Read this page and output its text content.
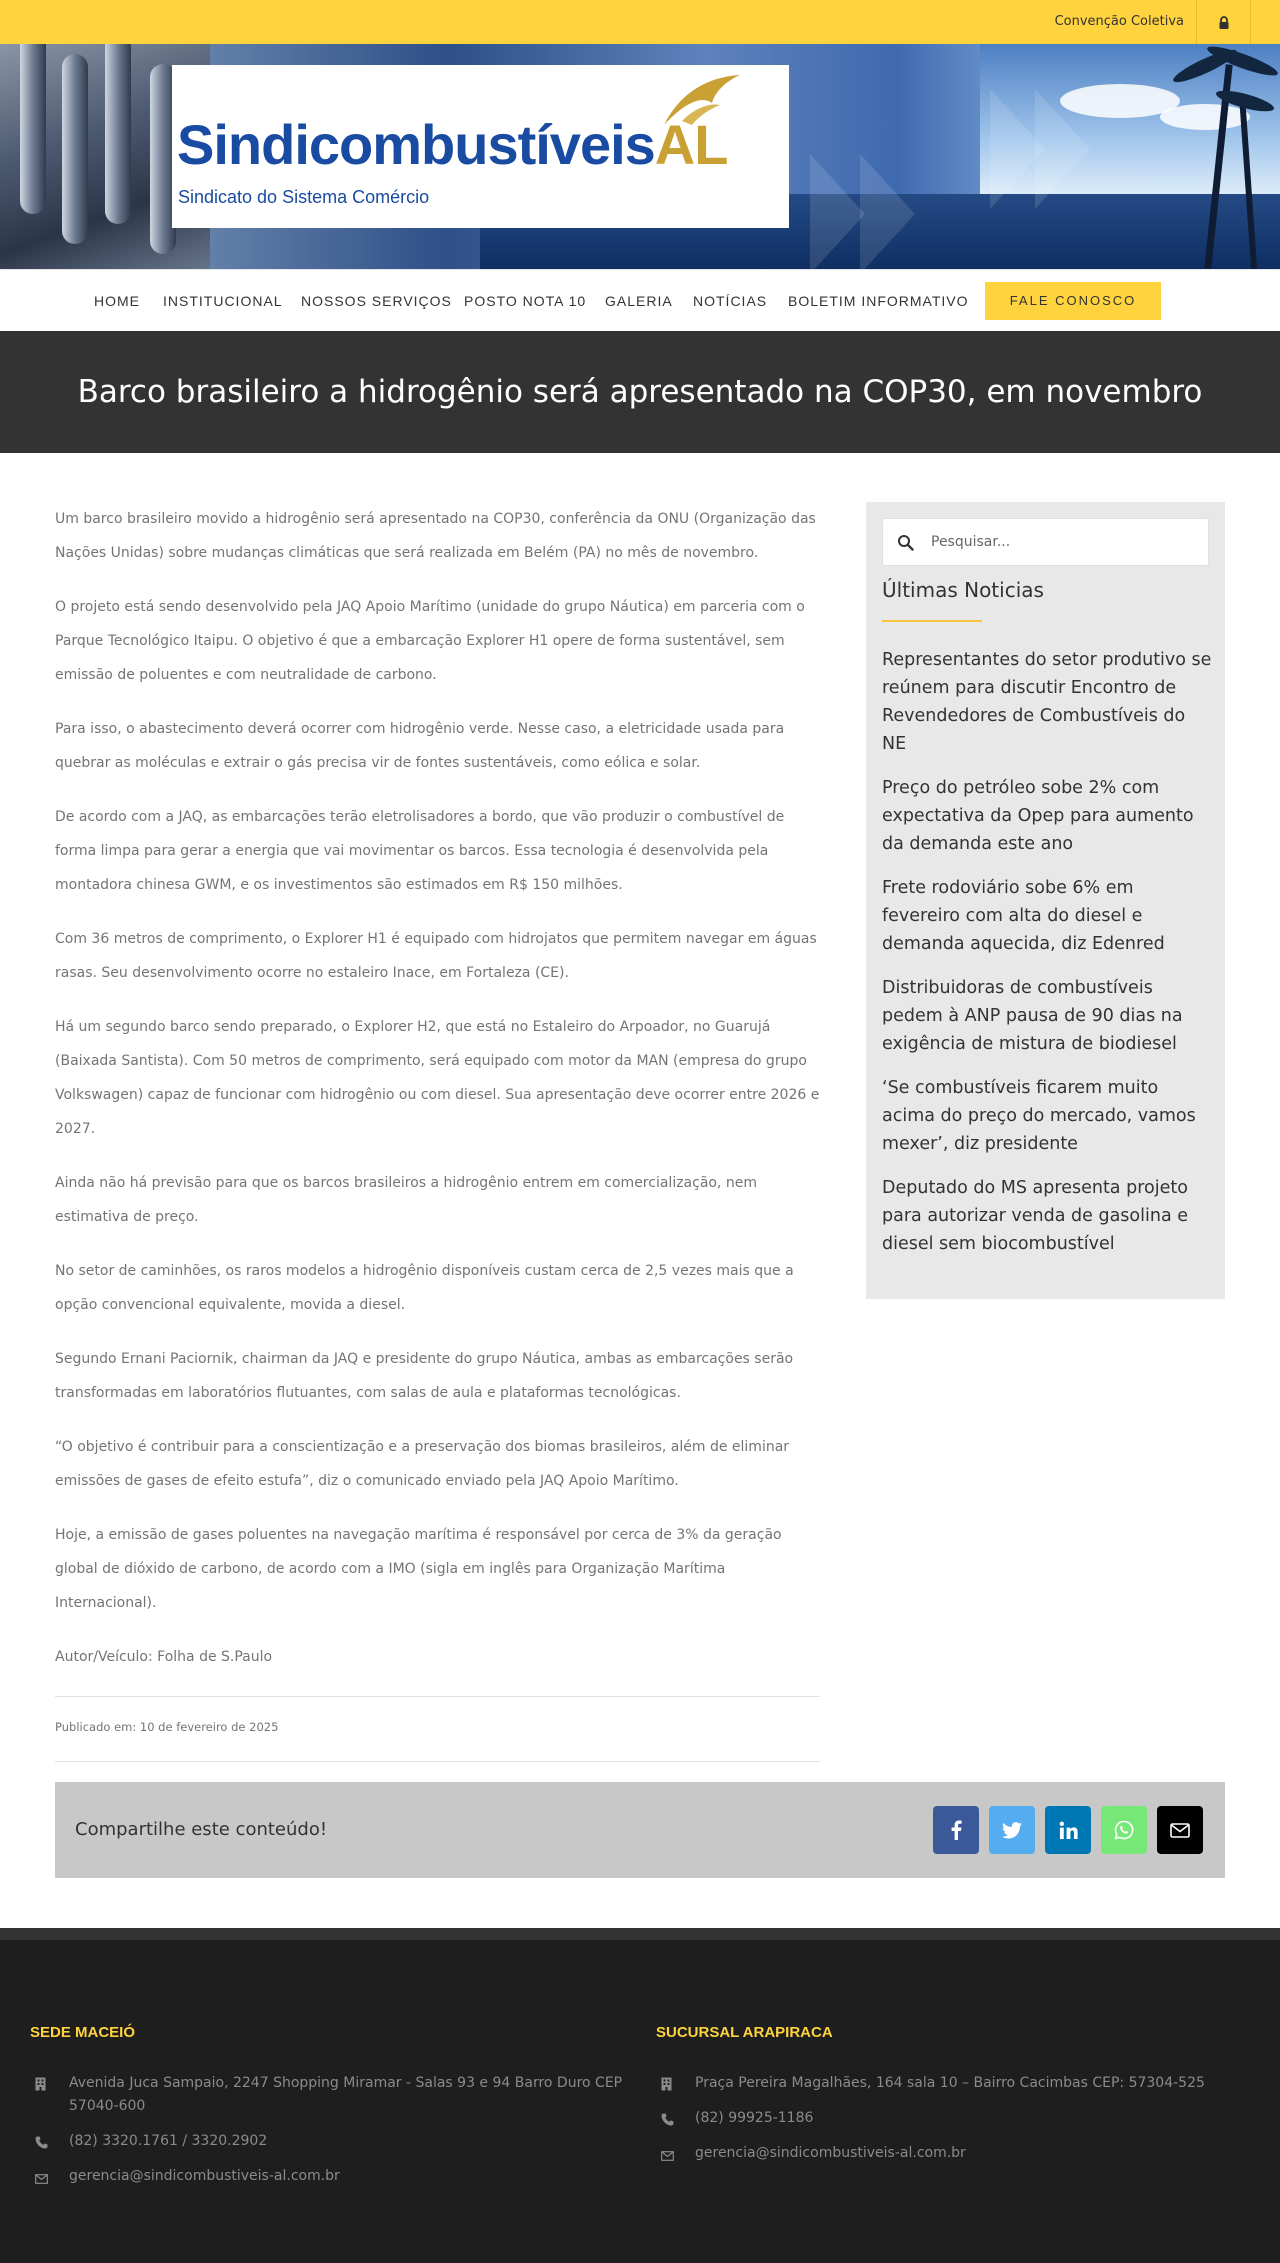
Convenção Coletiva
SindicombustíveisAL
Sindicato do Sistema Comércio
HOME INSTITUCIONAL NOSSOS SERVIÇOS POSTO NOTA 10 GALERIA NOTÍCIAS BOLETIM INFORMATIVO	FALE CONOSCO
Barco brasileiro a hidrogênio será apresentado na COP30, em novembro

Um barco brasileiro movido a hidrogênio será apresentado na COP30, conferência da ONU (Organização das Nações Unidas) sobre mudanças climáticas que será realizada em Belém (PA) no mês de novembro.

O projeto está sendo desenvolvido pela JAQ Apoio Marítimo (unidade do grupo Náutica) em parceria com o Parque Tecnológico Itaipu. O objetivo é que a embarcação Explorer H1 opere de forma sustentável, sem emissão de poluentes e com neutralidade de carbono.

Para isso, o abastecimento deverá ocorrer com hidrogênio verde. Nesse caso, a eletricidade usada para quebrar as moléculas e extrair o gás precisa vir de fontes sustentáveis, como eólica e solar.

De acordo com a JAQ, as embarcações terão eletrolisadores a bordo, que vão produzir o combustível de forma limpa para gerar a energia que vai movimentar os barcos. Essa tecnologia é desenvolvida pela montadora chinesa GWM, e os investimentos são estimados em R$ 150 milhões.

Com 36 metros de comprimento, o Explorer H1 é equipado com hidrojatos que permitem navegar em águas rasas. Seu desenvolvimento ocorre no estaleiro Inace, em Fortaleza (CE).

Há um segundo barco sendo preparado, o Explorer H2, que está no Estaleiro do Arpoador, no Guarujá (Baixada Santista). Com 50 metros de comprimento, será equipado com motor da MAN (empresa do grupo Volkswagen) capaz de funcionar com hidrogênio ou com diesel. Sua apresentação deve ocorrer entre 2026 e 2027.

Ainda não há previsão para que os barcos brasileiros a hidrogênio entrem em comercialização, nem estimativa de preço.

No setor de caminhões, os raros modelos a hidrogênio disponíveis custam cerca de 2,5 vezes mais que a opção convencional equivalente, movida a diesel.

Segundo Ernani Paciornik, chairman da JAQ e presidente do grupo Náutica, ambas as embarcações serão transformadas em laboratórios flutuantes, com salas de aula e plataformas tecnológicas.

“O objetivo é contribuir para a conscientização e a preservação dos biomas brasileiros, além de eliminar emissões de gases de efeito estufa”, diz o comunicado enviado pela JAQ Apoio Marítimo.

Hoje, a emissão de gases poluentes na navegação marítima é responsável por cerca de 3% da geração global de dióxido de carbono, de acordo com a IMO (sigla em inglês para Organização Marítima Internacional).

Autor/Veículo: Folha de S.Paulo

Publicado em: 10 de fevereiro de 2025
Pesquisar...
Últimas Noticias
Representantes do setor produtivo se reúnem para discutir Encontro de Revendedores de Combustíveis do NE
Preço do petróleo sobe 2% com expectativa da Opep para aumento da demanda este ano
Frete rodoviário sobe 6% em fevereiro com alta do diesel e demanda aquecida, diz Edenred
Distribuidoras de combustíveis pedem à ANP pausa de 90 dias na exigência de mistura de biodiesel
‘Se combustíveis ficarem muito acima do preço do mercado, vamos mexer’, diz presidente
Deputado do MS apresenta projeto para autorizar venda de gasolina e diesel sem biocombustível
Compartilhe este conteúdo!
SEDE MACEIÓ
Avenida Juca Sampaio, 2247 Shopping Miramar - Salas 93 e 94 Barro Duro CEP 57040-600
(82) 3320.1761 / 3320.2902
gerencia@sindicombustiveis-al.com.br
SUCURSAL ARAPIRACA
Praça Pereira Magalhães, 164 sala 10 – Bairro Cacimbas CEP: 57304-525
(82) 99925-1186
gerencia@sindicombustiveis-al.com.br
